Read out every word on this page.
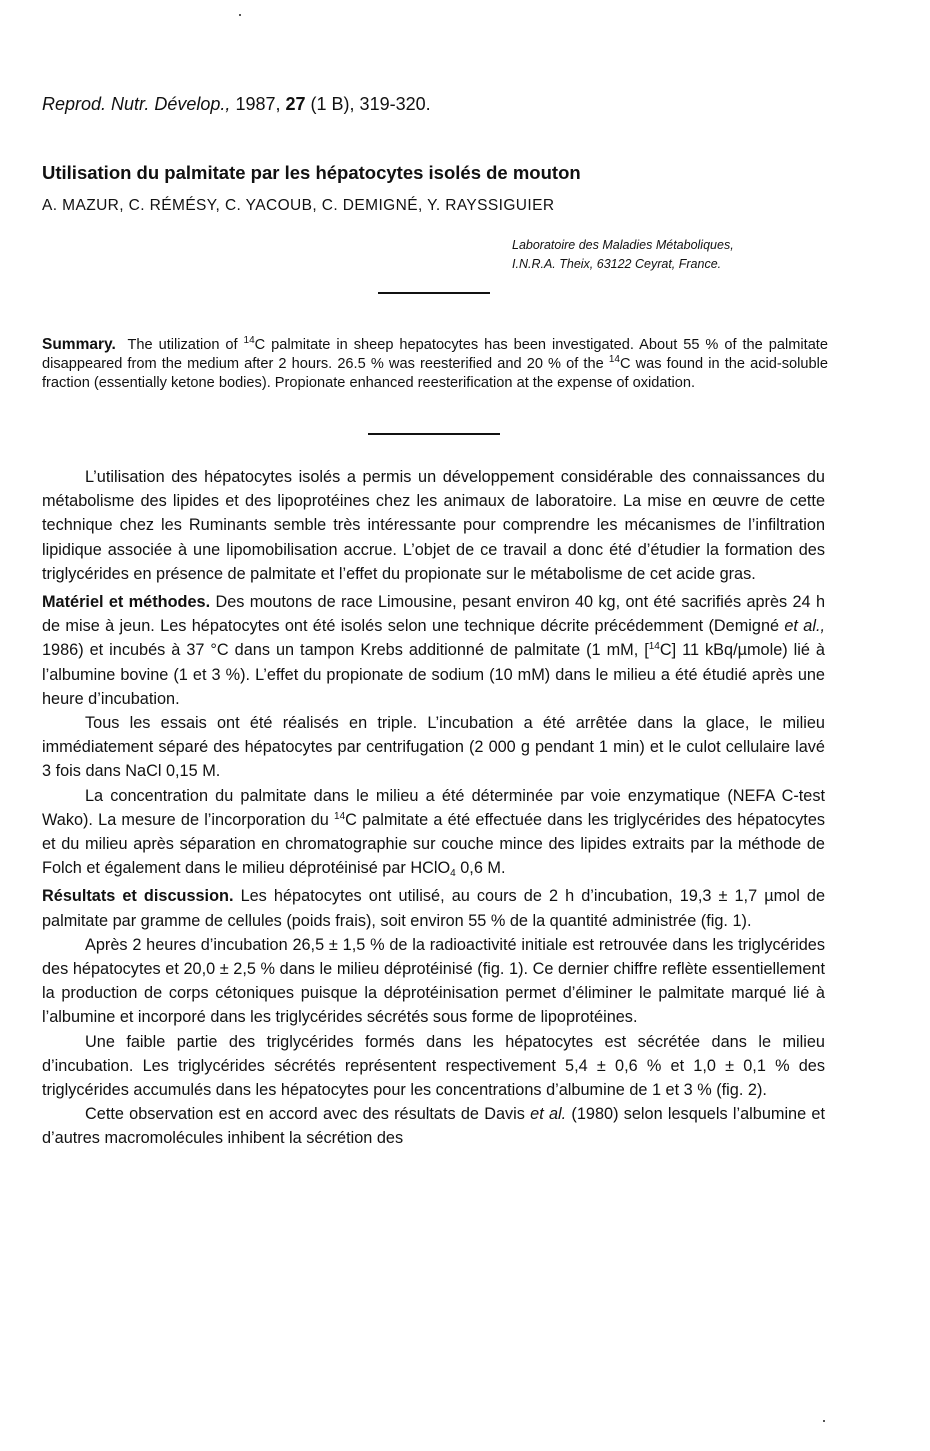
Reprod. Nutr. Dévelop., 1987, 27 (1 B), 319-320.
Utilisation du palmitate par les hépatocytes isolés de mouton
A. MAZUR, C. RÉMÉSY, C. YACOUB, C. DEMIGNÉ, Y. RAYSSIGUIER
Laboratoire des Maladies Métaboliques,
I.N.R.A. Theix, 63122 Ceyrat, France.
Summary. The utilization of $^{14}$C palmitate in sheep hepatocytes has been investigated. About 55 % of the palmitate disappeared from the medium after 2 hours. 26.5 % was reesterified and 20 % of the $^{14}$C was found in the acid-soluble fraction (essentially ketone bodies). Propionate enhanced reesterification at the expense of oxidation.

L’utilisation des hépatocytes isolés a permis un développement considérable des connaissances du métabolisme des lipides et des lipoprotéines chez les animaux de laboratoire. La mise en œuvre de cette technique chez les Ruminants semble très intéressante pour comprendre les mécanismes de l’infiltration lipidique associée à une lipomobilisation accrue. L’objet de ce travail a donc été d’étudier la formation des triglycérides en présence de palmitate et l’effet du propionate sur le métabolisme de cet acide gras.

Matériel et méthodes. Des moutons de race Limousine, pesant environ 40 kg, ont été sacrifiés après 24 h de mise à jeun. Les hépatocytes ont été isolés selon une technique décrite précédemment (Demigné et al., 1986) et incubés à 37 °C dans un tampon Krebs additionné de palmitate (1 mM, [$^{14}$C] 11 kBq/µmole) lié à l’albumine bovine (1 et 3 %). L’effet du propionate de sodium (10 mM) dans le milieu a été étudié après une heure d’incubation.

Tous les essais ont été réalisés en triple. L’incubation a été arrêtée dans la glace, le milieu immédiatement séparé des hépatocytes par centrifugation (2 000 g pendant 1 min) et le culot cellulaire lavé 3 fois dans NaCl 0,15 M.

La concentration du palmitate dans le milieu a été déterminée par voie enzymatique (NEFA C-test Wako). La mesure de l’incorporation du $^{14}$C palmitate a été effectuée dans les triglycérides des hépatocytes et du milieu après séparation en chromatographie sur couche mince des lipides extraits par la méthode de Folch et également dans le milieu déprotéinisé par HClO$_4$ 0,6 M.

Résultats et discussion. Les hépatocytes ont utilisé, au cours de 2 h d’incubation, 19,3 ± 1,7 µmol de palmitate par gramme de cellules (poids frais), soit environ 55 % de la quantité administrée (fig. 1).

Après 2 heures d’incubation 26,5 ± 1,5 % de la radioactivité initiale est retrouvée dans les triglycérides des hépatocytes et 20,0 ± 2,5 % dans le milieu déprotéinisé (fig. 1). Ce dernier chiffre reflète essentiellement la production de corps cétoniques puisque la déprotéinisation permet d’éliminer le palmitate marqué lié à l’albumine et incorporé dans les triglycérides sécrétés sous forme de lipoprotéines.

Une faible partie des triglycérides formés dans les hépatocytes est sécrétée dans le milieu d’incubation. Les triglycérides sécrétés représentent respectivement 5,4 ± 0,6 % et 1,0 ± 0,1 % des triglycérides accumulés dans les hépatocytes pour les concentrations d’albumine de 1 et 3 % (fig. 2).

Cette observation est en accord avec des résultats de Davis et al. (1980) selon lesquels l’albumine et d’autres macromolécules inhibent la sécrétion des
